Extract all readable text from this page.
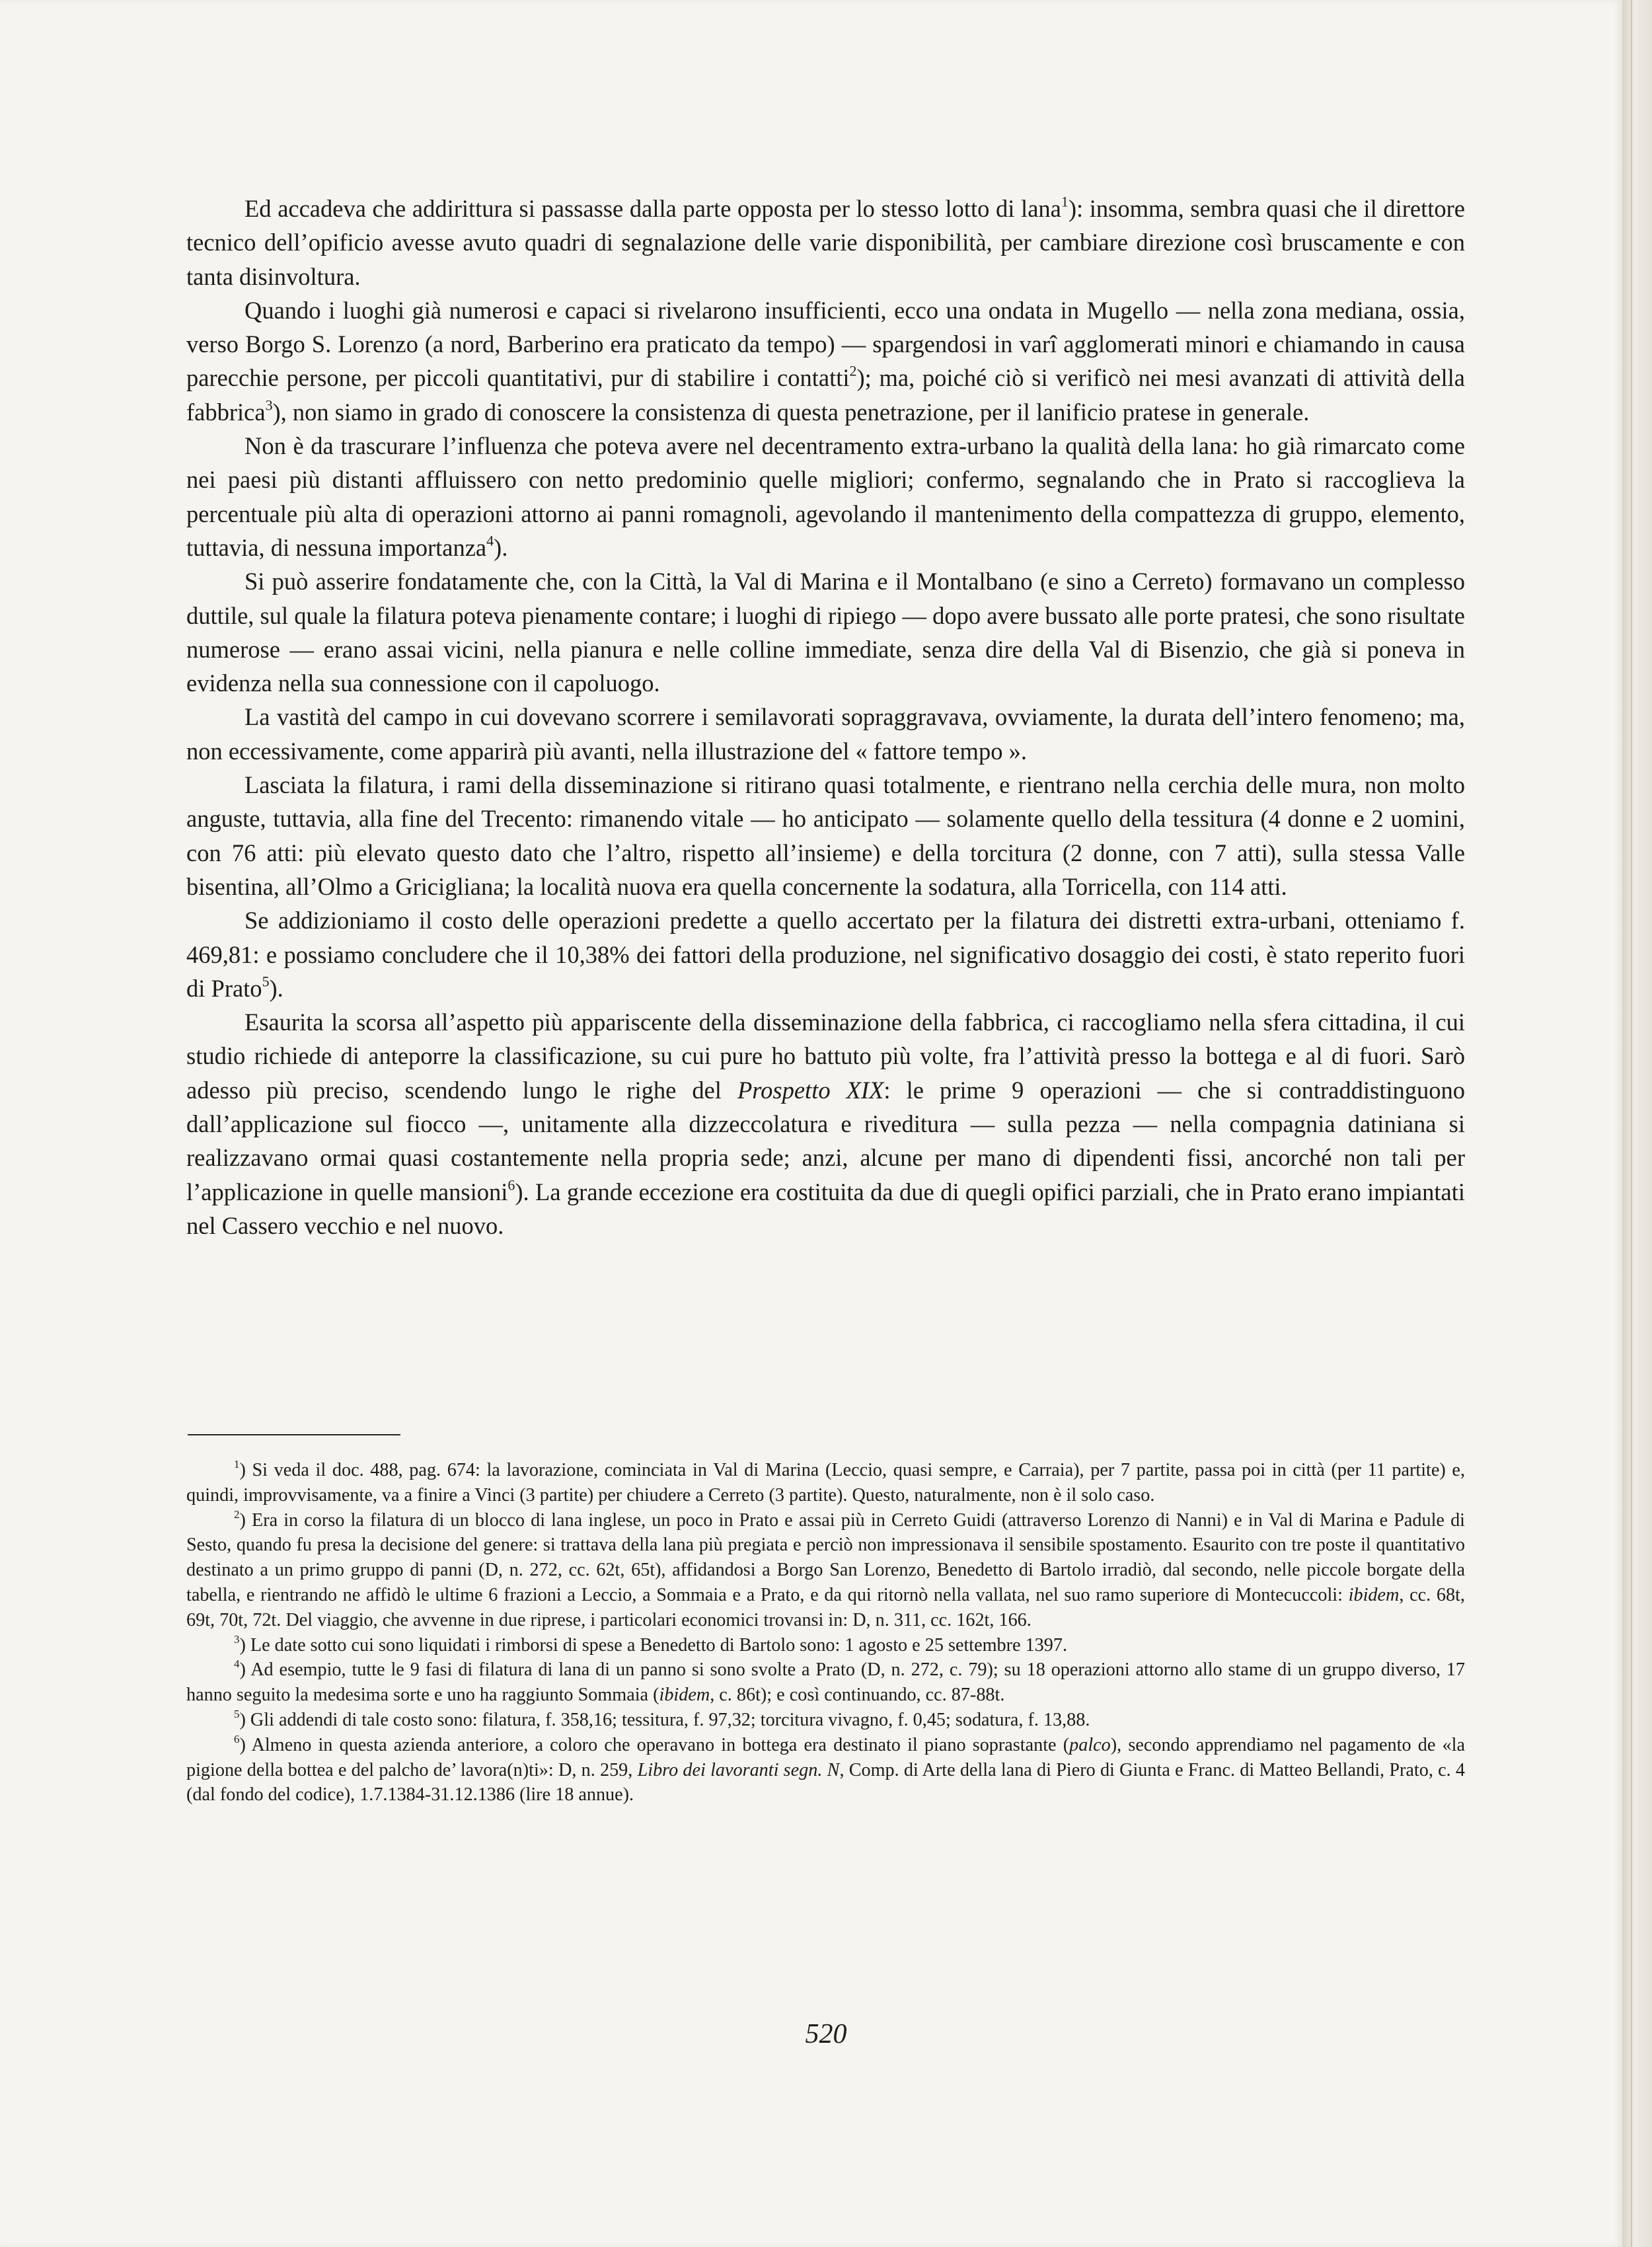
Ed accadeva che addirittura si passasse dalla parte opposta per lo stesso lotto di lana$^1$): insomma, sembra quasi che il direttore tecnico dell’opificio avesse avuto quadri di segnalazione delle varie disponibilità, per cambiare direzione così bruscamente e con tanta disinvoltura.

Quando i luoghi già numerosi e capaci si rivelarono insufficienti, ecco una ondata in Mugello — nella zona mediana, ossia, verso Borgo S. Lorenzo (a nord, Barberino era praticato da tempo) — spargendosi in varî agglomerati minori e chiamando in causa parecchie persone, per piccoli quantitativi, pur di stabilire i contatti$^2$); ma, poiché ciò si verificò nei mesi avanzati di attività della fabbrica$^3$), non siamo in grado di conoscere la consistenza di questa penetrazione, per il lanificio pratese in generale.

Non è da trascurare l’influenza che poteva avere nel decentramento extra-urbano la qualità della lana: ho già rimarcato come nei paesi più distanti affluissero con netto predominio quelle migliori; confermo, segnalando che in Prato si raccoglieva la percentuale più alta di operazioni attorno ai panni romagnoli, agevolando il mantenimento della compattezza di gruppo, elemento, tuttavia, di nessuna importanza$^4$).

Si può asserire fondatamente che, con la Città, la Val di Marina e il Montalbano (e sino a Cerreto) formavano un complesso duttile, sul quale la filatura poteva pienamente contare; i luoghi di ripiego — dopo avere bussato alle porte pratesi, che sono risultate numerose — erano assai vicini, nella pianura e nelle colline immediate, senza dire della Val di Bisenzio, che già si poneva in evidenza nella sua connessione con il capoluogo.

La vastità del campo in cui dovevano scorrere i semilavorati sopraggravava, ovviamente, la durata dell’intero fenomeno; ma, non eccessivamente, come apparirà più avanti, nella illustrazione del « fattore tempo ».

Lasciata la filatura, i rami della disseminazione si ritirano quasi totalmente, e rientrano nella cerchia delle mura, non molto anguste, tuttavia, alla fine del Trecento: rimanendo vitale — ho anticipato — solamente quello della tessitura (4 donne e 2 uomini, con 76 atti: più elevato questo dato che l’altro, rispetto all’insieme) e della torcitura (2 donne, con 7 atti), sulla stessa Valle bisentina, all’Olmo a Gricigliana; la località nuova era quella concernente la sodatura, alla Torricella, con 114 atti.

Se addizioniamo il costo delle operazioni predette a quello accertato per la filatura dei distretti extra-urbani, otteniamo f. 469,81: e possiamo concludere che il 10,38% dei fattori della produzione, nel significativo dosaggio dei costi, è stato reperito fuori di Prato$^5$).

Esaurita la scorsa all’aspetto più appariscente della disseminazione della fabbrica, ci raccogliamo nella sfera cittadina, il cui studio richiede di anteporre la classificazione, su cui pure ho battuto più volte, fra l’attività presso la bottega e al di fuori. Sarò adesso più preciso, scendendo lungo le righe del Prospetto XIX: le prime 9 operazioni — che si contraddistinguono dall’applicazione sul fiocco —, unitamente alla dizzeccolatura e riveditura — sulla pezza — nella compagnia datiniana si realizzavano ormai quasi costantemente nella propria sede; anzi, alcune per mano di dipendenti fissi, ancorché non tali per l’applicazione in quelle mansioni$^6$). La grande eccezione era costituita da due di quegli opifici parziali, che in Prato erano impiantati nel Cassero vecchio e nel nuovo.

$^1$) Si veda il doc. 488, pag. 674: la lavorazione, cominciata in Val di Marina (Leccio, quasi sempre, e Carraia), per 7 partite, passa poi in città (per 11 partite) e, quindi, improvvisamente, va a finire a Vinci (3 partite) per chiudere a Cerreto (3 partite). Questo, naturalmente, non è il solo caso.

$^2$) Era in corso la filatura di un blocco di lana inglese, un poco in Prato e assai più in Cerreto Guidi (attraverso Lorenzo di Nanni) e in Val di Marina e Padule di Sesto, quando fu presa la decisione del genere: si trattava della lana più pregiata e perciò non impressionava il sensibile spostamento. Esaurito con tre poste il quantitativo destinato a un primo gruppo di panni (D, n. 272, cc. 62t, 65t), affidandosi a Borgo San Lorenzo, Benedetto di Bartolo irradiò, dal secondo, nelle piccole borgate della tabella, e rientrando ne affidò le ultime 6 frazioni a Leccio, a Sommaia e a Prato, e da qui ritornò nella vallata, nel suo ramo superiore di Montecuccoli: ibidem, cc. 68t, 69t, 70t, 72t. Del viaggio, che avvenne in due riprese, i particolari economici trovansi in: D, n. 311, cc. 162t, 166.

$^3$) Le date sotto cui sono liquidati i rimborsi di spese a Benedetto di Bartolo sono: 1 agosto e 25 settembre 1397.

$^4$) Ad esempio, tutte le 9 fasi di filatura di lana di un panno si sono svolte a Prato (D, n. 272, c. 79); su 18 operazioni attorno allo stame di un gruppo diverso, 17 hanno seguito la medesima sorte e uno ha raggiunto Sommaia (ibidem, c. 86t); e così continuando, cc. 87-88t.

$^5$) Gli addendi di tale costo sono: filatura, f. 358,16; tessitura, f. 97,32; torcitura vivagno, f. 0,45; sodatura, f. 13,88.

$^6$) Almeno in questa azienda anteriore, a coloro che operavano in bottega era destinato il piano soprastante (palco), secondo apprendiamo nel pagamento de «la pigione della bottea e del palcho de’ lavora(n)ti»: D, n. 259, Libro dei lavoranti segn. N, Comp. di Arte della lana di Piero di Giunta e Franc. di Matteo Bellandi, Prato, c. 4 (dal fondo del codice), 1.7.1384-31.12.1386 (lire 18 annue).

520
